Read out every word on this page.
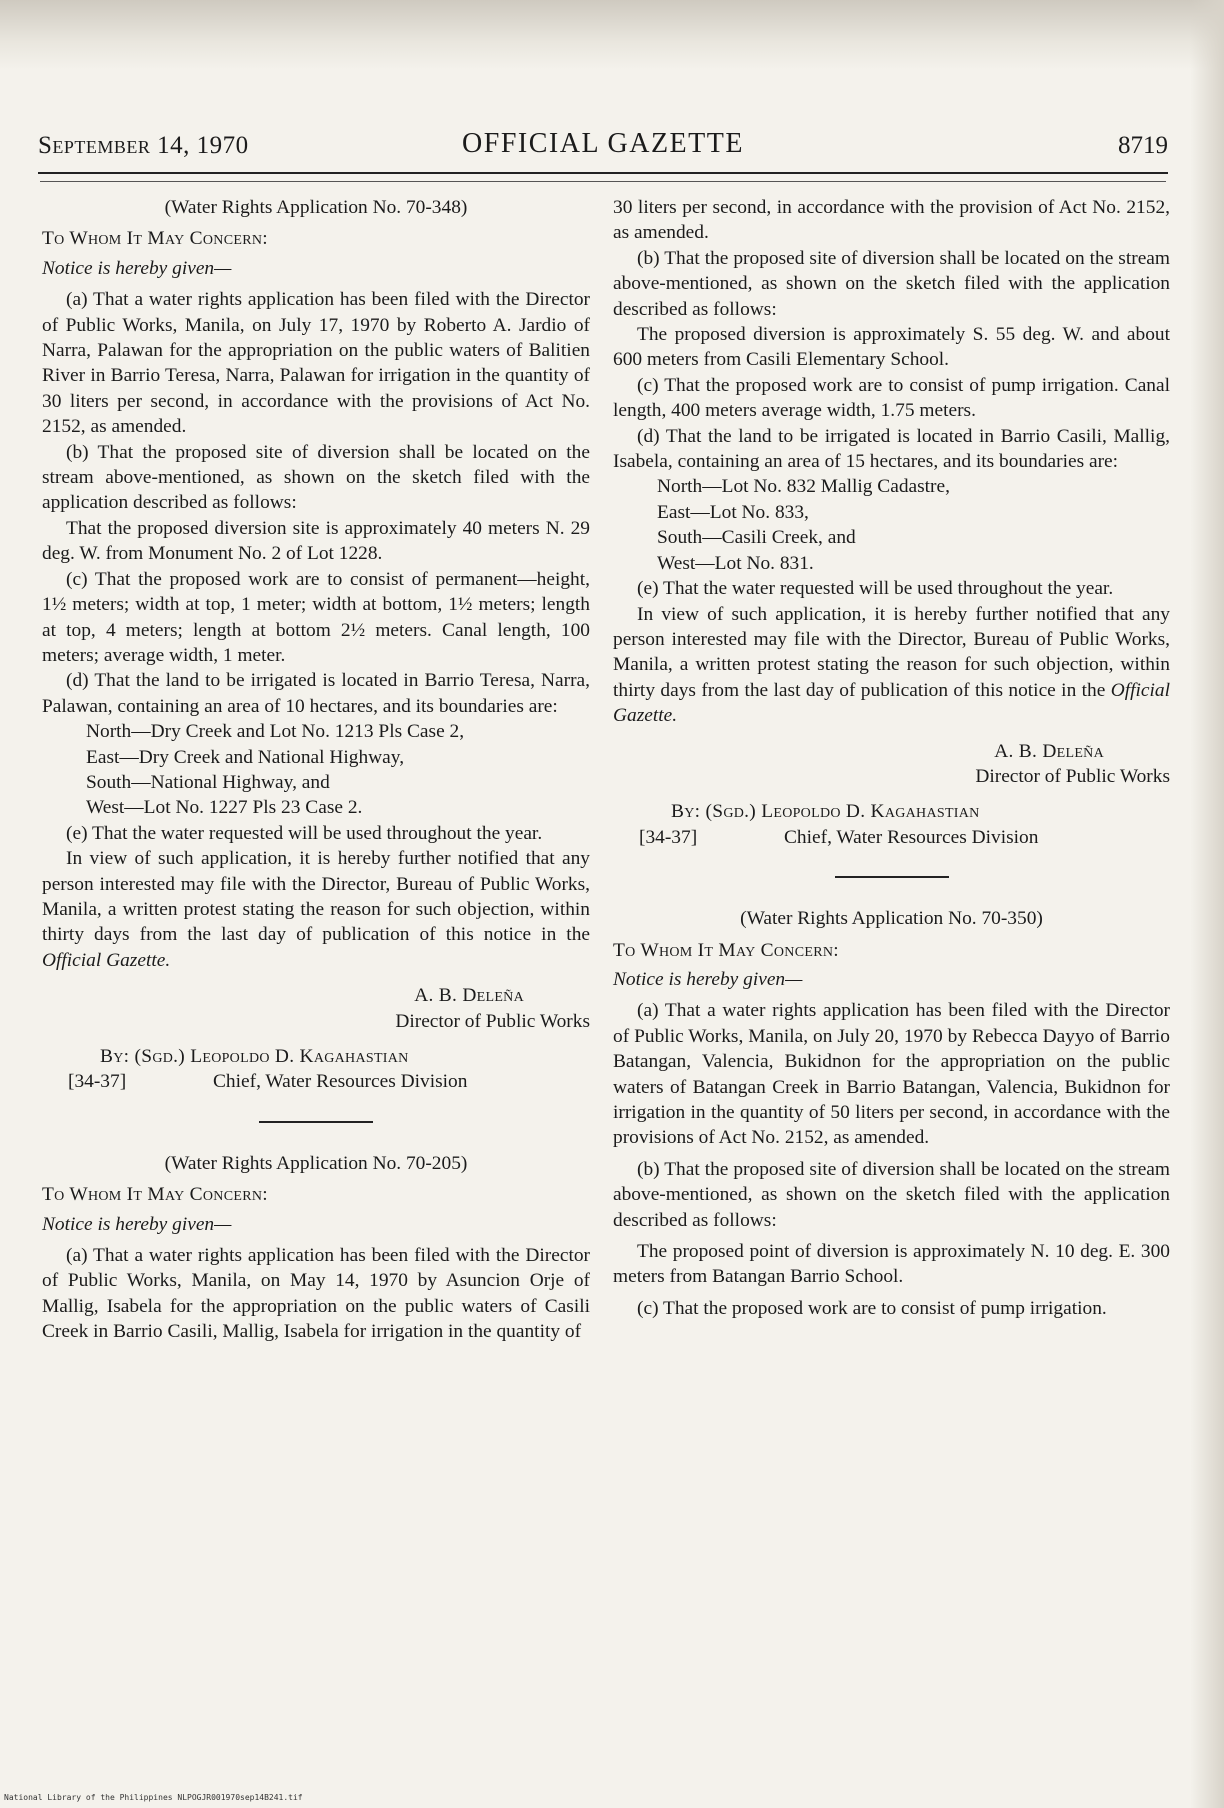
September 14, 1970	OFFICIAL GAZETTE	8719

(Water Rights Application No. 70-348)

To Whom It May Concern:

Notice is hereby given—

(a) That a water rights application has been filed with the Director of Public Works, Manila, on July 17, 1970 by Roberto A. Jardio of Narra, Palawan for the appropriation on the public waters of Balitien River in Barrio Teresa, Narra, Palawan for irrigation in the quantity of 30 liters per second, in accordance with the provisions of Act No. 2152, as amended.

(b) That the proposed site of diversion shall be located on the stream above-mentioned, as shown on the sketch filed with the application described as follows:

That the proposed diversion site is approximately 40 meters N. 29 deg. W. from Monument No. 2 of Lot 1228.

(c) That the proposed work are to consist of permanent—height, 1½ meters; width at top, 1 meter; width at bottom, 1½ meters; length at top, 4 meters; length at bottom 2½ meters. Canal length, 100 meters; average width, 1 meter.

(d) That the land to be irrigated is located in Barrio Teresa, Narra, Palawan, containing an area of 10 hectares, and its boundaries are:

North—Dry Creek and Lot No. 1213 Pls Case 2,

East—Dry Creek and National Highway,

South—National Highway, and

West—Lot No. 1227 Pls 23 Case 2.

(e) That the water requested will be used throughout the year.

In view of such application, it is hereby further notified that any person interested may file with the Director, Bureau of Public Works, Manila, a written protest stating the reason for such objection, within thirty days from the last day of publication of this notice in the Official Gazette.

A. B. Deleña

Director of Public Works

By: (Sgd.) Leopoldo D. Kagahastian

[34-37]	Chief, Water Resources Division

(Water Rights Application No. 70-205)

To Whom It May Concern:

Notice is hereby given—

(a) That a water rights application has been filed with the Director of Public Works, Manila, on May 14, 1970 by Asuncion Orje of Mallig, Isabela for the appropriation on the public waters of Casili Creek in Barrio Casili, Mallig, Isabela for irrigation in the quantity of

30 liters per second, in accordance with the provision of Act No. 2152, as amended.

(b) That the proposed site of diversion shall be located on the stream above-mentioned, as shown on the sketch filed with the application described as follows:

The proposed diversion is approximately S. 55 deg. W. and about 600 meters from Casili Elementary School.

(c) That the proposed work are to consist of pump irrigation. Canal length, 400 meters average width, 1.75 meters.

(d) That the land to be irrigated is located in Barrio Casili, Mallig, Isabela, containing an area of 15 hectares, and its boundaries are:

North—Lot No. 832 Mallig Cadastre,

East—Lot No. 833,

South—Casili Creek, and

West—Lot No. 831.

(e) That the water requested will be used throughout the year.

In view of such application, it is hereby further notified that any person interested may file with the Director, Bureau of Public Works, Manila, a written protest stating the reason for such objection, within thirty days from the last day of publication of this notice in the Official Gazette.

A. B. Deleña

Director of Public Works

By: (Sgd.) Leopoldo D. Kagahastian

[34-37]	Chief, Water Resources Division

(Water Rights Application No. 70-350)

To Whom It May Concern:

Notice is hereby given—

(a) That a water rights application has been filed with the Director of Public Works, Manila, on July 20, 1970 by Rebecca Dayyo of Barrio Batangan, Valencia, Bukidnon for the appropriation on the public waters of Batangan Creek in Barrio Batangan, Valencia, Bukidnon for irrigation in the quantity of 50 liters per second, in accordance with the provisions of Act No. 2152, as amended.

(b) That the proposed site of diversion shall be located on the stream above-mentioned, as shown on the sketch filed with the application described as follows:

The proposed point of diversion is approximately N. 10 deg. E. 300 meters from Batangan Barrio School.

(c) That the proposed work are to consist of pump irrigation.

National Library of the Philippines NLPOGJR001970sep14B241.tif
